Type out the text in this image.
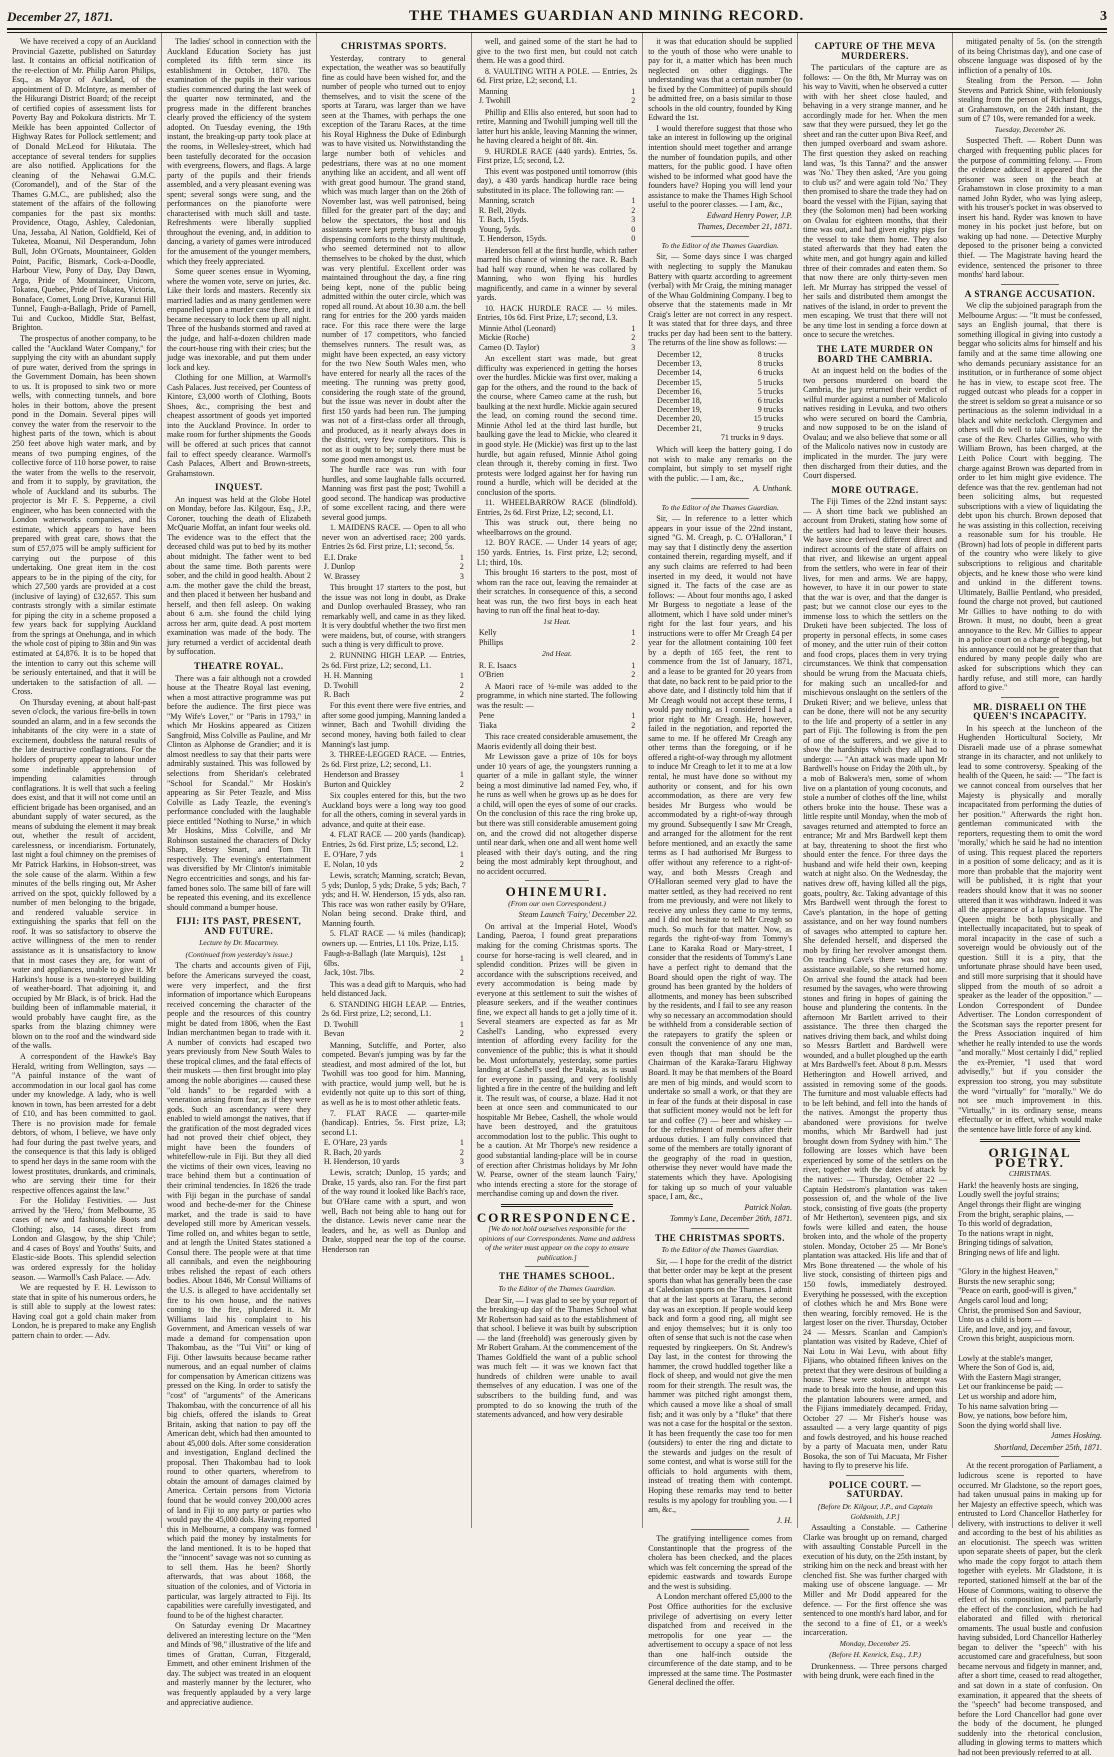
December 27, 1871.	THE THAMES GUARDIAN AND MINING RECORD.	3

We have received a copy of an Auckland Provincial Gazette, published on Saturday last. It contains an official notification of the re-election of Mr. Philip Aaron Philips, Esq., as Mayor of Auckland, of the appointment of D. McIntyre, as member of the Hikurangi District Board; of the receipt of certified copies of assessment lists for Poverty Bay and Pokokura districts. Mr T. Meikle has been appointed Collector of Highway Rates for Pollock settlement; and of Donald McLeod for Hikutaia. The acceptance of several tenders for supplies are also notified. Applications for the cleaning of the Nehawai G.M.C. (Coromandel), and of the Star of the Thames G.M.C., are published; also the statement of the affairs of the following companies for the past six months: Providence, Otago, Ashley, Caledonian, Una, Jessaba, Al Nation, Goldfield, Kei of Tuketea, Moanui, Nil Desperandum, John Bull, John O'Groats, Mountaineer, Golden Point, Pacific, Bismark, Cock-a-Doodle, Harbour View, Pony of Day, Day Dawn, Argo, Pride of Mountaineer, Unicorn, Tokatea, Quebec, Pride of Tokatea, Victoria, Bonaface, Comet, Long Drive, Kuranui Hill Tunnel, Faugh-a-Ballagh, Pride of Parnell, Tui and Cuckoo, Middle Star, Belfast, Brighton.

The prospectus of another company, to be called the "Auckland Water Company," for supplying the city with an abundant supply of pure water, derived from the springs in the Government Domain, has been shown to us. It is proposed to sink two or more wells, with connecting tunnels, and bore holes in their bottom, above the present pond in the Domain. Several pipes will convey the water from the reservoir to the highest parts of the town, which is about 250 feet above high water mark, and by means of two pumping engines, of the collective force of 110 horse power, to raise the water from the wells to the reservoir, and from it to supply, by gravitation, the whole of Auckland and its suburbs. The projector is Mr F. S. Pepperne, a civil engineer, who has been connected with the London waterworks companies, and his estimate, which appears to have been prepared with great care, shows that the sum of £57,075 will be amply sufficient for carrying out the purpose of this undertaking. One great item in the cost appears to be in the piping of the city, for which 27,500 yards are provided at a cost (inclusive of laying) of £32,657. This sum contrasts strongly with a similar estimate for piping the city in a scheme proposed a few years back for supplying Auckland from the springs at Onehunga, and in which the whole cost of piping to 38in and 9in was estimated at £4,876. It is to be hoped that the intention to carry out this scheme will be seriously entertained, and that it will be undertaken to the satisfaction of all. — Cross.

On Thursday evening, at about half-past seven o'clock, the various fire-bells in town sounded an alarm, and in a few seconds the inhabitants of the city were in a state of excitement, doubtless the natural results of the late destructive conflagrations. For the holders of property appear to labour under some indefinable apprehension of impending calamities through conflagrations. It is well that such a feeling does exist, and that it will not come until an efficient brigade has been organised, and an abundant supply of water secured, as the means of subduing the element it may break out, whether the result of accident, carelessness, or incendiarism. Fortunately, last night a foul chimney on the premises of Mr Patrick Harkins, in Hobson-street, was the sole cause of the alarm. Within a few minutes of the bells ringing out, Mr Asher arrived on the spot, quickly followed by a number of men belonging to the brigade, and rendered valuable service in extinguishing the sparks that fell on the roof. It was so satisfactory to observe the active willingness of the men to render assistance as it is unsatisfactory to know that in most cases they are, for want of water and appliances, unable to give it. Mr Harkins's house is a two-storeyed building of weather-board. That adjoining it, and occupied by Mr Black, is of brick. Had the building been of inflammable material, it would probably have caught fire, as the sparks from the blazing chimney were blown on to the roof and the windward side of the walls.

A correspondent of the Hawke's Bay Herald, writing from Wellington, says — "A painful instance of the want of accommodation in our local gaol has come under my knowledge. A lady, who is well known in town, has been arrested for a debt of £10, and has been committed to gaol. There is no provision made for female debtors, of whom, I believe, we have only had four during the past twelve years, and the consequence is that this lady is obliged to spend her days in the same room with the lowest prostitutes, drunkards, and criminals, who are serving their time for their respective offences against the law."

For the Holiday Festivities. — Just arrived by the 'Hero,' from Melbourne, 35 cases of new and fashionable Boots and Clothing; also, 14 cases, direct from London and Glasgow, by the ship 'Chile'; and 4 cases of Boys' and Youths' Suits, and Elastic-side Boots. This splendid selection was ordered expressly for the holiday season. — Warmoll's Cash Palace. — Adv.

We are requested by F. H. Lewisson to state that in spite of his numerous orders, he is still able to supply at the lowest rates: Having coal got a gold chain maker from London, he is prepared to make any English pattern chain to order. — Adv.

The ladies' school in connection with the Auckland Education Society has just completed its fifth term since its establishment in October, 1870. The examination of the pupils in their various studies commenced during the last week of the quarter now terminated, and the progress made in the different branches clearly proved the efficiency of the system adopted. On Tuesday evening, the 19th instant, the breaking-up party took place at the rooms, in Wellesley-street, which had been tastefully decorated for the occasion with evergreens, flowers, and flags. A large party of the pupils and their friends assembled, and a very pleasant evening was spent; several songs were sung, and the performances on the pianoforte were characterised with much skill and taste. Refreshments were liberally supplied throughout the evening, and, in addition to dancing, a variety of games were introduced for the amusement of the younger members, which they freely appreciated.

Some queer scenes ensue in Wyoming, where the women vote, serve on juries, &c. Like their lords and masters. Recently six married ladies and as many gentlemen were empanelled upon a murder case there, and it became necessary to lock them up all night. Three of the husbands stormed and raved at the judge, and half-a-dozen children made the court-house ring with their cries; but the judge was inexorable, and put them under lock and key.

Clothing for one Million, at Warmoll's Cash Palaces. Just received, per Countess of Kintore, £3,000 worth of Clothing, Boots Shoes, &c., comprising the best and cheapest assortment of goods yet imported into the Auckland Province. In order to make room for further shipments the Goods will be offered at such prices that cannot fail to effect speedy clearance. Warmoll's Cash Palaces, Albert and Brown-streets, Grahamstown.

INQUEST.

An inquest was held at the Globe Hotel on Monday, before Jas. Kilgour, Esq., J.P., Coroner, touching the death of Elizabeth McQuarie Moffat, an infant four weeks old. The evidence was to the effect that the deceased child was put to bed by its mother about midnight. The father went to bed about the same time. Both parents were sober, and the child in good health. About 2 a.m. the mother gave the child the breast, and then placed it between her husband and herself, and then fell asleep. On waking about 6 a.m. she found the child lying across her arm, quite dead. A post mortem examination was made of the body. The jury returned a verdict of accidental death by suffocation.

THEATRE ROYAL.

There was a fair although not a crowded house at the Theatre Royal last evening, when a most attractive programme was put before the audience. The first piece was "My Wife's Lover," or "Paris in 1793," in which Mr Hoskins appeared as Citizen Sangfroid, Miss Colville as Pauline, and Mr Clinton as Alphonse de Grandier; and it is almost needless to say that their parts were admirably sustained. This was followed by selections from Sheridan's celebrated "School for Scandal." Mr Hoskin's appearing as Sir Peter Teazle, and Miss Colville as Lady Teazle, the evening's performance concluded with the laughable piece entitled "Nothing to Nurse," in which Mr Hoskins, Miss Colville, and Mr Robinson sustained the characters of Dicky Sharp, Betsey Smart, and Tom Tit respectively. The evening's entertainment was diversified by Mr Clinton's inimitable Negro eccentricities and songs, and his far-famed bones solo. The same bill of fare will be repeated this evening, and its excellence should command a bumper house.

FIJI: ITS PAST, PRESENT, AND FUTURE.
Lecture by Dr. Macartney.
(Continued from yesterday's issue.)

The charts and accounts given of Fiji, before the Americans surveyed the coast, were very imperfect, and the first information of importance which Europeans received concerning the character of the people and the resources of this country might be dated from 1806, when the East Indian merchantmen began to trade with it. A number of convicts had escaped two years previously from New South Wales to these tropical climes, and the fatal effects of their muskets — then first brought into play among the noble aborigines — caused these "old hands" to be regarded with a veneration arising from fear, as if they were gods. Such an ascendancy were they enabled to wield amongst the natives, that if the gratification of the most degraded vices had not proved their chief object, they might have been the founders of whitefellow-rule in Fiji. But they all died the victims of their own vices, leaving no trace behind them but a continuation of their criminal tendencies. In 1826 the trade with Fiji began in the purchase of sandal wood and beche-de-mer for the Chinese market, and the trade is said to have developed still more by American vessels. Time rolled on, and whites began to settle, and at length the United States stationed a Consul there. The people were at that time all cannibals, and even the neighbouring tribes relished the repast of each others bodies. About 1846, Mr Consul Williams of the U.S. is alleged to have accidentally set fire to his own house, and the natives coming to the fire, plundered it. Mr Williams laid his complaint to his Government, and American vessels of war made a demand for compensation upon Thakombau, as the "Tui Viti" or king of Fiji. Other lawsuits because became rather numerous, and an equal number of claims for compensation by American citizens was pressed on the King. In order to satisfy the "cost" of "arguments" of the Americans Thakombau, with the concurrence of all his big chiefs, offered the islands to Great Britain, asking that nation to pay off the American debt, which had then amounted to about 45,000 dols. After some consideration and investigation, England declined the proposal. Then Thakombau had to look round to other quarters, wherefrom to obtain the amount of damages claimed by America. Certain persons from Victoria found that he would convey 200,000 acres of land in Fiji to any party or parties who would pay the 45,000 dols. Having reported this in Melbourne, a company was formed which paid the money by instalments for the land mentioned. It is to be hoped that the "innocent" savage was not so cunning as to sell them. Has he been? Shortly afterwards, that was about 1868, the situation of the colonies, and of Victoria in particular, was largely attracted to Fiji. Its capabilities were carefully investigated, and found to be of the highest character.

On Saturday evening Dr Macartney delivered an interesting lecture on the "Men and Minds of '98," illustrative of the life and times of Grattan, Curran, Fitzgerald, Emmett, and other eminent Irishmen of the day. The subject was treated in an eloquent and masterly manner by the lecturer, who was frequently applauded by a very large and appreciative audience.

CHRISTMAS SPORTS.

Yesterday, contrary to general expectation, the weather was so beautifully fine as could have been wished for, and the number of people who turned out to enjoy themselves, and to visit the scene of the sports at Tararu, was larger than we have seen at the Thames, with perhaps the one exception of the Tararu Races, at the time his Royal Highness the Duke of Edinburgh was to have visited us. Notwithstanding the large number both of vehicles and pedestrians, there was at no one moment anything like an accident, and all went off with great good humour. The grand stand, which was much larger than on the 26th of November last, was well patronised, being filled for the greater part of the day; and below the spectators, the host and his assistants were kept pretty busy all through dispensing comforts to the thirsty multitude, who seemed determined not to allow themselves to be choked by the dust, which was very plentiful. Excellent order was maintained throughout the day, a fine ring being kept, none of the public being admitted within the outer circle, which was roped all round. At about 10.30 a.m. the bell rang for entries for the 200 yards maiden race. For this race there were the large number of 17 competitors, who fancied themselves runners. The result was, as might have been expected, an easy victory for the two New South Wales men, who have entered for nearly all the races of the meeting. The running was pretty good, considering the rough state of the ground, but the issue was never in doubt after the first 150 yards had been run. The jumping was not of a first-class order all through, and produced, as it nearly always does in the district, very few competitors. This is not as it ought to be; surely there must be some good men amongst us.

The hurdle race was run with four hurdles, and some laughable falls occurred. Manning was first past the post; Twohill a good second. The handicap was productive of some excellent racing, and there were several good jumps.

1. MAIDENS RACE. — Open to all who never won an advertised race; 200 yards. Entries 2s 6d. First prize, L1; second, 5s.

E.I. Drake	1
J. Dunlop	2
W. Brassey	3

This brought 17 starters to the post, but the issue was not long in doubt, as Drake and Dunlop overhauled Brassey, who ran remarkably well, and came in as they liked. It is very doubtful whether the two first men were maidens, but, of course, with strangers such a thing is very difficult to prove.

2. RUNNING HIGH LEAP. — Entries, 2s 6d. First prize, L2; second, L1.

H. H. Manning	1
D. Twohill	2
R. Bach	2

For this event there were five entries, and after some good jumping, Manning landed a winner, Bach and Twohill dividing the second money, having both failed to clear Manning's last jump.

3. THREE-LEGGED RACE. — Entries, 2s 6d. First prize, L2; second, L1.

Henderson and Brassey	1
Burton and Quickley	2

Six couples entered for this, but the two Auckland boys were a long way too good for all the others, coming in several yards in advance, and quite at their ease.

4. FLAT RACE — 200 yards (handicap). Entries, 2s 6d. First prize, L5; second, L2.

E. O'Hare, 7 yds	1
E. Nolan, 10 yds	2

Lewis, scratch; Manning, scratch; Bevan, 5 yds; Dunlop, 5 yds; Drake, 5 yds; Bach, 7 yds; and H. W. Henderson, 15 yds, also ran. This race was won rather easily by O'Hare, Nolan being second. Drake third, and Manning fourth.

5. FLAT RACE — ¼ miles (handicap); owners up. — Entries, L1 10s. Prize, L15.

Faugh-a-Ballagh (late Marquis), 12st 6lbs.	1
Jack, 10st. 7lbs.	2

This was a dead gift to Marquis, who had held distanced Jack.

6. STANDING HIGH LEAP. — Entries, 2s 6d. First prize, L2; second, L1.

D. Twohill	1
Bevan	2

Manning, Sutcliffe, and Porter, also competed. Bevan's jumping was by far the steadiest, and most admired of the lot, but Twohill was too good for him. Manning, with practice, would jump well, but he is evidently not quite up to this sort of thing, as well as he is to most other athletic feats.

7. FLAT RACE — quarter-mile (handicap). Entries, 5s. First prize, L3; second L1.

E. O'Hare, 23 yards	1
R. Bach, 20 yards	2
H. Henderson, 10 yards	3

Lewis, scratch; Dunlop, 15 yards; and Drake, 15 yards, also ran. For the first part of the way round it looked like Bach's race, but O'Hare came with a spurt, and won well, Bach not being able to hang out for the distance. Lewis never came near the leaders, and he, as well as Dunlop and Drake, stopped near the top of the course. Henderson ran

well, and gained some of the start he had to give to the two first men, but could not catch them. He was a good third.

8. VAULTING WITH A POLE. — Entries, 2s 6d. First prize, L2; second, L1.

Manning	1
J. Twohill	2

Phillip and Ellis also entered, but soon had to retire, Manning and Twohill jumping well till the latter hurt his ankle, leaving Manning the winner, he having cleared a height of 8ft. 4in.

9. HURDLE RACE (440 yards). Entries, 5s. First prize, L5; second, L2.

This event was postponed until tomorrow (this day), a 430 yards handicap hurdle race being substituted in its place. The following ran: —

Manning, scratch	1
R. Bell, 20yds.	2
T. Bach, 15yds.	3
Young, 5yds.	0
T. Henderson, 15yds.	0

Henderson fell at the first hurdle, which rather marred his chance of winning the race. R. Bach had half way round, when he was collared by Manning, who won flying his hurdles magnificently, and came in a winner by several yards.

10. HACK HURDLE RACE — ½ miles. Entries, 10s 6d. First Prize, L7; second, L3.

Minnie Athol (Leonard)	1
Mickie (Roche)	2
Cameo (D. Taylor)	3

An excellent start was made, but great difficulty was experienced in getting the horses over the hurdles. Mickie was first over, making a gap for the others, and the round to the back of the course, where Cameo came at the rush, but baulking at the next hurdle. Mickie again secured the lead, on coming round the second time. Minnie Athol led at the third last hurdle, but baulking gave the lead to Mickie, who cleared it in good style. He (Mickie) was first up to the last hurdle, but again refused, Minnie Athol going clean through it, thereby coming in first. Two protests were lodged against her for having run round a hurdle, which will be decided at the conclusion of the sports.

11. WHEELBARROW RACE (blindfold). Entries, 2s 6d. First Prize, L2; second, L1.

This was struck out, there being no wheelbarrows on the ground.

12. BOY RACE. — Under 14 years of age; 150 yards. Entries, 1s. First prize, L2; second, L1; third, 10s.

This brought 16 starters to the post, most of whom ran the race out, leaving the remainder at their scratches. In consequence of this, a second heat was run, the two first boys in each heat having to run off the final heat to-day.

1st Heat.
Kelly	1
Phillips	2
2nd Heat.
R. E. Isaacs	1
O'Brien	2

A Maori race of ¼-mile was added to the programme, in which nine started. The following was the result: —

Pene	1
Tiaka	2

This race created considerable amusement, the Maoris evidently all doing their best.

Mr Lewisson gave a prize of 10s for boys under 10 years of age, the youngsters running a quarter of a mile in gallant style, the winner being a most diminutive lad named Fey, who, if he runs as well when he grows up as he does for a child, will open the eyes of some of our cracks. On the conclusion of this race the ring broke up, but there was still considerable amusement going on, and the crowd did not altogether disperse until near dark, when one and all went home well pleased with their day's outing, and the ring being the most admirably kept throughout, and no accident occurred.

OHINEMURI.
(From our own Correspondent.)
Steam Launch 'Fairy,' December 22.

On arrival at the Imperial Hotel, Wood's Landing, Paeroa, I found great preparations making for the coming Christmas sports. The course for horse-racing is well cleared, and in splendid condition. Prizes will be given in accordance with the subscriptions received, and every accommodation is being made by everyone at this settlement to suit the wishes of pleasure seekers, and if the weather continues fine, we expect all hands to get a jolly time of it. Several steamers are expected as far as Mr Cashell's Landing, who expressed every intention of affording every facility for the convenience of the public; this is what it should be. Most unfortunately, yesterday, some parties landing at Cashell's used the Pataka, as is usual for everyone in passing, and very foolishly lighted a fire in the centre of the building and left it. The result was, of course, a blaze. Had it not been at once seen and communicated to our hospitable Mr Bebee, Cashell, the whole would have been destroyed, and the gratuitous accommodation lost to the public. This ought to be a caution. At Mr Thorpe's new residence a good substantial landing-place will be in course of erection after Christmas holidays by Mr John W. Pearse, owner of the steam launch 'Fairy,' who intends erecting a store for the storage of merchandise coming up and down the river.

CORRESPONDENCE.
[We do not hold ourselves responsible for the opinions of our Correspondents. Name and address of the writer must appear on the copy to ensure publication.]
THE THAMES SCHOOL.
To the Editor of the Thames Guardian.

Dear Sir, — I was glad to see by your report of the breaking-up day of the Thames School what Mr Robertson had said as to the establishment of that school. I believe it was built by subscription — the land (freehold) was generously given by Mr Robert Graham. At the commencement of the Thames Goldfield the want of a public school was much felt — it was we known fact that hundreds of children were unable to avail themselves of any education. I was one of the subscribers to the building fund, and was prompted to do so knowing the truth of the statements advanced, and how very desirable

it was that education should be supplied to the youth of those who were unable to pay for it, a matter which has been much neglected on other diggings. The understanding was that a certain number (to be fixed by the Committee) of pupils should be admitted free, on a basis similar to those schools in the old country, founded by King Edward the 1st.

I would therefore suggest that those who take an interest in following up the original intention should meet together and arrange the number of foundation pupils, and other matters, for the public good. I have often wished to be informed what good have the founders have? Hoping you will lend your assistance to make the Thames High School useful to the poorer classes. — I am, &c.,

Edward Henry Power, J.P.
Thames, December 21, 1871.
To the Editor of the Thames Guardian.

Sir, — Some days since I was charged with neglecting to supply the Manukau Battery with quartz according to agreement (verbal) with Mr Craig, the mining manager of the Whau Goldmining Company. I beg to observe that the statements made in Mr Craig's letter are not correct in any respect. It was stated that for three days, and three trucks per day had been sent to the battery. The returns of the line show as follows: —

December 12,	8 trucks
December 13,	8 trucks
December 14,	6 trucks
December 15,	5 trucks
December 16,	5 trucks
December 18,	6 trucks
December 19,	9 trucks
December 20,	15 trucks
December 21,	9 trucks
71 trucks in 9 days.	

Which will keep the battery going. I do not wish to make any remarks on the complaint, but simply to set myself right with the public. — I am, &c.,

A. Unthank.
To the Editor of the Thames Guardian.

Sir, — In reference to a letter which appears in your issue of the 22nd instant, signed "G. M. Creagh, p. C. O'Halloran," I may say that I distinctly deny the assertion contained therein, regarding myself, and if any such claims are referred to had been inserted in my deed, it would not have signed it. The facts of the case are as follows: — About four months ago, I asked Mr Burgess to negotiate a lease of the allotment, which I have sold under miner's right for the last four years, and his instructions were to offer Mr Creagh £4 per year for the allotment containing 100 feet by a depth of 165 feet, the rent to commence from the 1st of January, 1871, and a lease to be granted for 20 years from that date, no back rent to be paid prior to the above date, and I distinctly told him that if Mr Creagh would not accept these terms, I would pay nothing, as I considered I had a prior right to Mr Creagh. He, however, failed in the negotiation, and reported the same to me. If he offered Mr Creagh any other terms than the foregoing, or if he offered a right-of-way through my allotment to induce Mr Creagh to let it to me at a low rental, he must have done so without my authority or consent, and for his own accommodation, as there are very few besides Mr Burgess who would be accommodated by a right-of-way through my ground. Subsequently I saw Mr Creagh, and arranged for the allotment for the rent before mentioned, and an exactly the same terms as I had authorised Mr Burgess to offer without any reference to a right-of-way, and both Messrs Creagh and O'Halloran seemed very glad to have the matter settled, as they had received no rent from me previously, and were not likely to receive any unless they came to my terms, and I did not hesitate to tell Mr Creagh so much. So much for that matter. Now, as regards the right-of-way from Tommy's Lane to Karaka Road or Mary-street, I consider that the residents of Tommy's Lane have a perfect right to demand that the Board should open the right of way. The ground has been granted by the holders of allotments, and money has been subscribed by the residents, and I fail to see any reason why so necessary an accommodation should be withheld from a considerable section of the ratepayers to gratify the spleen or consult the convenience of any one man, even though that man should be the Chairman of the Karaka-Tararu Highway Board. It may be that members of the Board are men of big minds, and would scorn to undertake so small a work, or that they are in fear of the funds at their disposal in case that sufficient money would not be left for tar and coffee (?) — beer and whiskey — for the refreshment of members after their arduous duties. I am fully convinced that some of the members are totally ignorant of the geography of the road in question, otherwise they never would have made the statements which they have. Apologising for taking up so much of your valuable space, I am, &c.,

Patrick Nolan.
Tommy's Lane, December 26th, 1871.
THE CHRISTMAS SPORTS.
To the Editor of the Thames Guardian.

Sir, — I hope for the credit of the district that better order may be kept at the present sports than what has generally been the case at Caledonian sports on the Thames. I admit that at the last sports at Tararu, the second day was an exception. If people would keep back and form a good ring, all might see and enjoy themselves; but it is only too often of sense that such is not the case when requested by ringkeepers. On St. Andrew's Day last, in the contest for throwing the hammer, the crowd huddled together like a flock of sheep, and would not give the men room for their strength. The result was, the hammer was pitched right amongst them, which caused a move like a shoal of small fish; and it was only by a "fluke" that there was not a case for the hospital or the sexton. It has been frequently the case too for men (outsiders) to enter the ring and dictate to the stewards and judges on the result of some contest, and what is worse still for the officials to hold arguments with them, instead of treating them with contempt. Hoping these remarks may tend to better results is my apology for troubling you. — I am, &c.,

J. H.

The gratifying intelligence comes from Constantinople that the progress of the cholera has been checked, and the places which was felt concerning the spread of the epidemic eastwards and towards Europe and the west is subsiding.

A London merchant offered £5,000 to the Post Office authorities for the exclusive privilege of advertising on every letter dispatched from and received in the metropolis for one year — the advertisement to occupy a space of not less than one half-inch outside the circumference of the date stamp, and to be impressed at the same time. The Postmaster General declined the offer.

CAPTURE OF THE MEVA MURDERERS.

The particulars of the capture are as follows: — On the 8th, Mr Murray was on his way to Vaviti, when he observed a cutter with with her sheet close hauled, and behaving in a very strange manner, and he accordingly made for her. When the men saw that they were pursued, they let go the sheet and ran the cutter upon Biva Reef, and then jumped overboard and swam ashore. The first question they asked on reaching land was, 'Is this Tanna?' and the answer was 'No.' They then asked, 'Are you going to club us?' and were again told 'No.' They then promised to share the trade they had on board the vessel with the Fijian, saying that they (the Solomon men) had been working on Ovalau for eighteen months, that their time was out, and had given eighty pigs for the vessel to take them home. They also stated afterwards that they had eaten the white men, and got hungry again and killed three of their comrades and eaten them. So that now there are only thirty-seven men left. Mr Murray has stripped the vessel of her sails and distributed them amongst the natives of the island, in order to prevent the men escaping. We trust that there will not be any time lost in sending a force down at once to secure the wretches.

THE LATE MURDER ON BOARD THE CAMBRIA.

At an inquest held on the bodies of the two persons murdered on board the Cambria, the jury returned their verdict of wilful murder against a number of Malicolo natives residing in Levuka, and two others who were secured on board the Cambria, and now supposed to be on the island of Ovalau; and we also believe that some or all of the Malicolo natives now in custody are implicated in the murder. The jury were then discharged from their duties, and the Court dispersed.

MORE OUTRAGE.

The Fiji Times of the 22nd instant says: — A short time back we published an account from Druketi, stating how some of the settlers had had to leave their houses. We have since derived different direct and indirect accounts of the state of affairs on that river, and likewise an urgent appeal from the settlers, who were in fear of their lives, for men and arms. We are happy, however, to have it in our power to state that the war is over, and that the danger is past; but we cannot close our eyes to the immense loss to which the settlers on the Druketi have been subjected. The loss of property in personal effects, in some cases of money, and the utter ruin of their cotton and food crops, places them in very trying circumstances. We think that compensation should be wrung from the Macuata chiefs, for making such an uncalled-for and mischievous onslaught on the settlers of the Druketi River; and we believe, unless that can be done, there will not be any security to the life and property of a settler in any part of Fiji. The following is from the pen of one of the sufferers, and we give it to show the hardships which they all had to undergo: — "An attack was made upon Mr Bardwell's house on Friday the 20th ult., by a mob of Bakwera's men, some of whom live on a plantation of young coconuts, and stole a number of clothes off the line, whilst others broke into the house. These was a little respite until Monday, when the mob of savages returned and attempted to force an entrance; Mr and Mrs Bardwell kept them at bay, threatening to shoot the first who should enter the fence. For three days the husband and wife held their own, keeping watch at night also. On the Wednesday, the natives drew off, having killed all the pigs, goats, poultry, &c. Taking advantage of this Mrs Bardwell went through the forest to Cave's plantation, in the hope of getting assistance, and on her way found numbers of savages who attempted to capture her. She defended herself, and dispersed the mob by firing her revolver amongst them. On reaching Cave's there was not any assistance available, so she returned home. On arrival she found the attack had been resumed by the savages, who were throwing stones and firing in hopes of gaining the house and plundering the contents. In the afternoon Mr Bartlett arrived to their assistance. The three then charged the natives driving them back, and whilst doing so Messrs Bartlett and Bardwell were wounded, and a bullet ploughed up the earth at Mrs Bardwell's feet. About 8 p.m. Messrs Hetherington and Howell arrived, and assisted in removing some of the goods. The furniture and most valuable effects had to be left behind, and fell into the hands of the natives. Amongst the property thus abandoned were provisions for twelve months, which Mr Bardwell had just brought down from Sydney with him." The following are losses which have been experienced by some of the settlers on the river, together with the dates of attack by the natives: — Thursday, October 22 — Captain Hedstrom's plantation was taken possession of, and the whole of the live stock, consisting of five goats (the property of Mr Hetherton), seventeen pigs, and six fowls were killed and eaten, the house broken into, and the whole of the property stolen. Monday, October 25 — Mr Bone's plantation was attacked. His life and that of Mrs Bone threatened — the whole of his live stock, consisting of thirteen pigs and 150 fowls, immediately destroyed. Everything he possessed, with the exception of clothes which he and Mrs Bone were then wearing, forcibly removed. He is the largest loser on the river. Thursday, October 24 — Messrs. Scanlan and Campion's plantation was visited by Radeve, Chief of Nai Lotu in Wai Levu, with about fifty Fijians, who obtained fifteen knives on the pretext that they were desirous of building a house. These were stolen in attempt was made to break into the house, and upon this the plantation labourers were armed, and the Fijians immediately decamped. Friday, October 27 — Mr Fisher's house was assaulted — a very large quantity of pigs and fowls destroyed, and his house reached by a party of Macuata men, under Ratu Bosoka, the son of Tui Macuata, Mr Fisher having to fly to preserve his life.

POLICE COURT. — SATURDAY.
[Before Dr. Kilgour, J.P., and Captain Goldsmith, J.P.]

Assaulting a Constable. — Catherine Clarke was brought up on remand, charged with assaulting Constable Purcell in the execution of his duty, on the 25th instant, by striking him on the neck and breast with her clenched fist. She was further charged with making use of obscene language. — Mr Miller and Mr Dodd appeared for the defence. — For the first offence she was sentenced to one month's hard labor, and for the second to a fine of £1, or a week's incarceration.

Monday, December 25.
(Before H. Kenrick, Esq., J.P.)

Drunkenness. — Three persons charged with being drunk, were each fined in the

mitigated penalty of 5s. (on the strength of its being Christmas day), and one case of obscene language was disposed of by the infliction of a penalty of 10s.

Stealing from the Person. — John Stevens and Patrick Shine, with feloniously stealing from the person of Richard Buggs, at Grahamstown, on the 24th instant, the sum of £7 10s, were remanded for a week.

Tuesday, December 26.

Suspected Theft. — Robert Dunn was charged with frequenting public places for the purpose of committing felony. — From the evidence adduced it appeared that the prisoner was seen on the beach at Grahamstown in close proximity to a man named John Ryder, who was lying asleep, with his trouser's pocket in was observed to insert his hand. Ryder was known to have money in his pocket just before, but on waking up had none. — Detective Murphy deposed to the prisoner being a convicted thief. — The Magistrate having heard the evidence, sentenced the prisoner to three months' hard labour.

A STRANGE ACCUSATION.

We clip the subjoined paragraph from the Melbourne Argus: — "It must be confessed, says an English journal, that there is something illogical in giving into custody a beggar who solicits alms for himself and his family and at the same time allowing one who demands pecuniary assistance for an institution, or in furtherance of some object he has in view, to escape scot free. The rugged outcast who pleads for a copper in the street is seldom so great a nuisance or so pertinacious as the solemn individual in a black and white neckcloth. Clergymen and others will do well to take warning by the case of the Rev. Charles Gillies, who with William Brown, has been charged, at the Leith Police Court with begging. The charge against Brown was departed from in order to let him might give evidence. The defence was that the rev. gentleman had not been soliciting alms, but requested subscriptions with a view of liquidating the debt upon his church. Brown deposed that he was assisting in this collection, receiving a reasonable sum for his trouble. He (Brown) had lots of people in different parts of the country who were likely to give subscriptions to religious and charitable objects, and he knew those who were kind and unkind in the different towns. Ultimately, Baillie Pentland, who presided, found the charge not proved, but cautioned Mr Gillies to have nothing to do with Brown. It must, no doubt, been a great annoyance to the Rev. Mr Gillies to appear in a police court on a charge of begging, but his annoyance could not be greater than that endured by many people daily who are asked for subscriptions which they can hardly refuse, and still more, can hardly afford to give."

MR. DISRAELI ON THE QUEEN'S INCAPACITY.

In his speech at the luncheon of the Hughenden Horticultural Society, Mr Disraeli made use of a phrase somewhat strange in its character, and not unlikely to lead to some controversy. Speaking of the health of the Queen, he said: — "The fact is we cannot conceal from ourselves that her Majesty is physically and morally incapacitated from performing the duties of her position." Afterwards the right hon. gentleman communicated with the reporters, requesting them to omit the word 'morally,' which he said he had no intention of using. This request placed the reporters in a position of some delicacy; and as it is more than probable that the majority went will be published, it is right that your readers should know that it was no sooner uttered than it was withdrawn. Indeed it was all the appearance of a lapsus linguae. The Queen might be both physically and intellectually incapacitated, but to speak of moral incapacity in the case of such a sovereign would be obviously out of the question. Still it is a pity, that the unfortunate phrase should have been used, and still more surprising that it should have slipped from the mouth of so adroit a speaker as the leader of the opposition." — London Correspondent of Dundee Advertiser. The London correspondent of the Scotsman says the reporter present for the Press Association inquired of him whether he really intended to use the words "and morally." Most certainly I did," replied the ex-Premier, "I used that word advisedly," but if you consider the expression too strong, you may substitute the word "virtually" for "morally." We do not see much improvement in this. "Virtually," in its ordinary sense, means effectually or in effect, which would make the sentence have little force of any kind.

ORIGINAL POETRY.
CHRISTMAS.

Hark! the heavenly hosts are singing,
Loudly swell the joyful strains;
Angel throngs their flight are winging
From the bright, seraphic plains, —
To this world of degradation,
To the nations wrapt in night,
Bringing tidings of salvation,
Bringing news of life and light.

"Glory in the highest Heaven,"
Bursts the new seraphic song;
"Peace on earth, good-will is given,"
Angels carol loud and long;
Christ, the promised Son and Saviour,
Unto us a child is born —
Life, and love, and joy, and favour,
Crown this bright, auspicious morn.

Lowly at the stable's manger,
Where the Son of God is, aid,
With the Eastern Magi stranger,
Let our frankincense be paid; —
Let us worship and adore him,
To his name salvation bring —
Bow, ye nations, bow before him,
Soon the dying world shall live.

James Hosking.
Shortland, December 25th, 1871.

At the recent prorogation of Parliament, a ludicrous scene is reported to have occurred. Mr Gladstone, so the report goes, had taken unusual pains in making up for her Majesty an effective speech, which was entrusted to Lord Chancellor Hatherley for delivery, with instructions to deliver it well and according to the best of his abilities as an elocutionist. The speech was written upon separate sheets of paper, but the clerk who made the copy forgot to attach them together with eyelets. Mr Gladstone, it is reported, stationed himself at the bar of the House of Commons, waiting to observe the effect of his composition, and particularly the effect of the conclusion, which he had elaborated and filled with rhetorical ornaments. The usual bustle and confusion having subsided, Lord Chancellor Hatherley began to deliver the "speech" with his accustomed care and gracefulness, but soon became nervous and fidgety in manner, and, after a short time, ceased to read altogether, and sat down in a state of confusion. On examination, it appeared that the sheets of the "speech" had become transposed, and before the Lord Chancellor had gone over the body of the document, he plunged suddenly into the rhetorical conclusion, alluding in glowing terms to matters which had not been previously referred to at all.
